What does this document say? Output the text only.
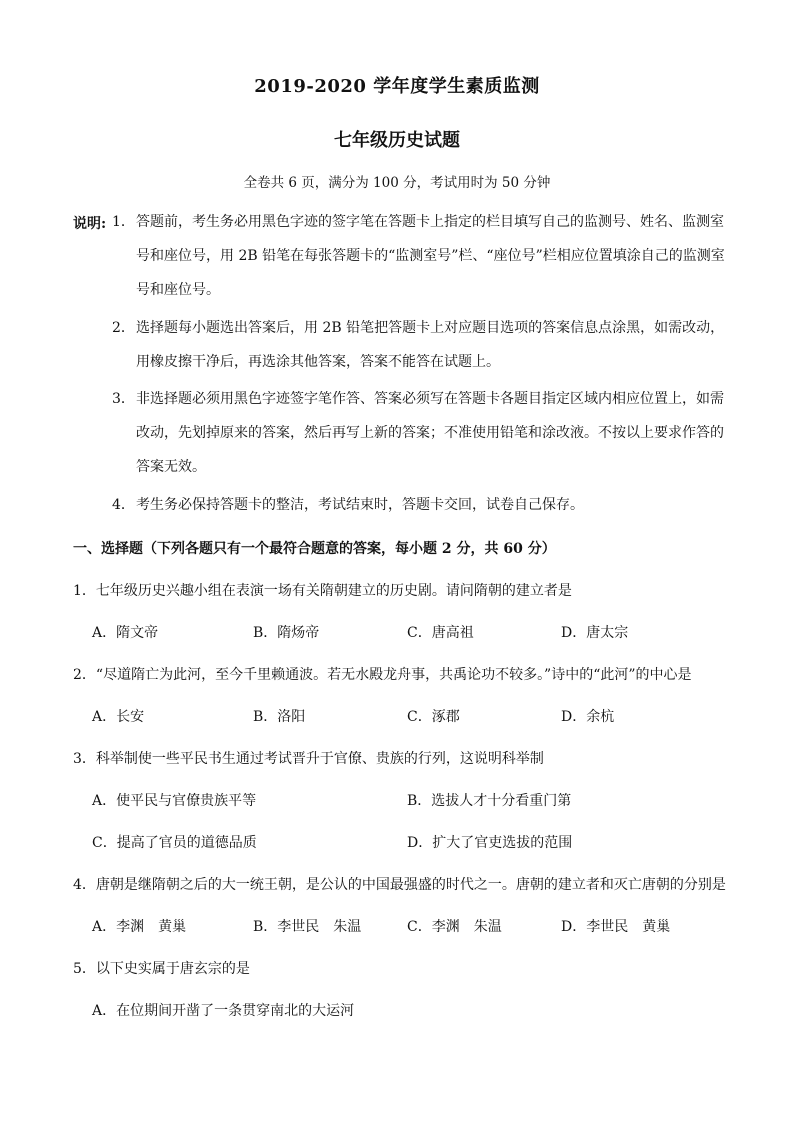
2019-2020 学年度学生素质监测
七年级历史试题
全卷共 6 页，满分为 100 分，考试用时为 50 分钟
说明: 1． 答题前，考生务必用黑色字迹的签字笔在答题卡上指定的栏目填写自己的监测号、姓名、监测室号和座位号，用 2B 铅笔在每张答题卡的“监测室号”栏、“座位号”栏相应位置填涂自己的监测室号和座位号。
2． 选择题每小题选出答案后，用 2B 铅笔把答题卡上对应题目选项的答案信息点涂黑，如需改动，用橡皮擦干净后，再选涂其他答案，答案不能答在试题上。
3． 非选择题必须用黑色字迹签字笔作答、答案必须写在答题卡各题目指定区域内相应位置上，如需改动，先划掉原来的答案，然后再写上新的答案；不准使用铅笔和涂改液。不按以上要求作答的答案无效。
4． 考生务必保持答题卡的整洁，考试结束时，答题卡交回，试卷自己保存。
一、选择题（下列各题只有一个最符合题意的答案，每小题 2 分，共 60 分）
1．七年级历史兴趣小组在表演一场有关隋朝建立的历史剧。请问隋朝的建立者是
A．隋文帝	B．隋炀帝	C．唐高祖	D．唐太宗
2．“尽道隋亡为此河，至今千里赖通波。若无水殿龙舟事，共禹论功不较多。”诗中的“此河”的中心是
A．长安	B．洛阳	C．涿郡	D．余杭
3．科举制使一些平民书生通过考试晋升于官僚、贵族的行列，这说明科举制
A．使平民与官僚贵族平等	B．选拔人才十分看重门第
C．提高了官员的道德品质	D．扩大了官吏选拔的范围
4．唐朝是继隋朝之后的大一统王朝，是公认的中国最强盛的时代之一。唐朝的建立者和灭亡唐朝的分别是
A．李渊　黄巢	B．李世民　朱温	C．李渊　朱温	D．李世民　黄巢
5．以下史实属于唐玄宗的是
A．在位期间开凿了一条贯穿南北的大运河
